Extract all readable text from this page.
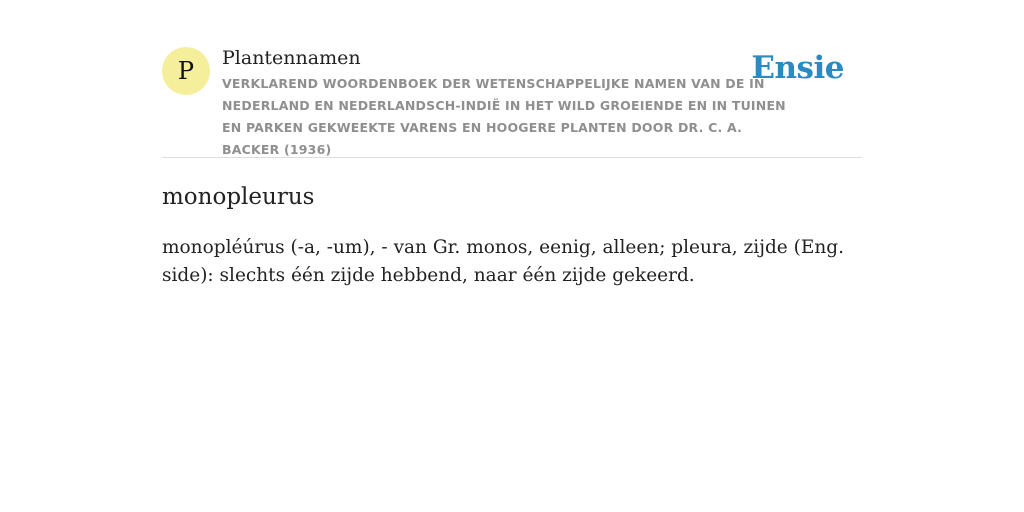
P Plantennamen
VERKLAREND WOORDENBOEK DER WETENSCHAPPELIJKE NAMEN VAN DE IN NEDERLAND EN NEDERLANDSCH-INDIË IN HET WILD GROEIENDE EN IN TUINEN EN PARKEN GEKWEEKTE VARENS EN HOOGERE PLANTEN DOOR DR. C. A. BACKER (1936)
Ensie
monopleurus
monopléúrus (-a, -um), - van Gr. monos, eenig, alleen; pleura, zijde (Eng. side): slechts één zijde hebbend, naar één zijde gekeerd.
